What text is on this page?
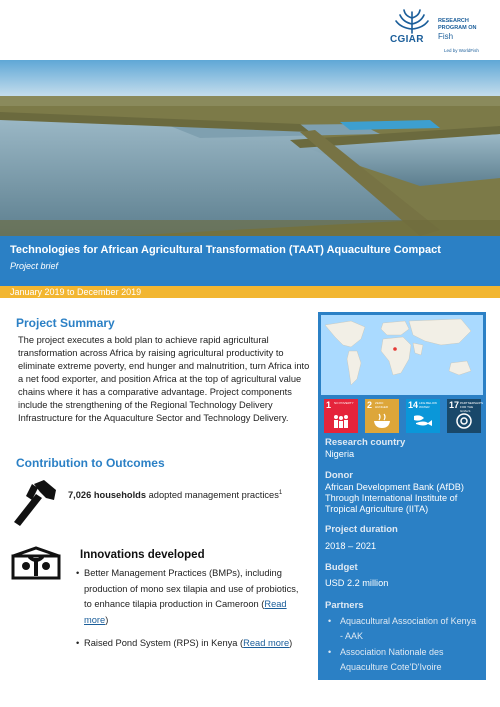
CGIAR
RESEARCH
PROGRAM ON
Fish
Led by WorldFish
Technologies for African Agricultural Transformation (TAAT) Aquaculture Compact
Project brief
January 2019 to December 2019
Project Summary
The project executes a bold plan to achieve rapid agricultural transformation across Africa by raising agricultural productivity to eliminate extreme poverty, end hunger and malnutrition, turn Africa into a net food exporter, and position Africa at the top of agricultural value chains where it has a comparative advantage. Project components include the strengthening of the Regional Technology Delivery Infrastructure for the Aquaculture Sector and Technology Delivery.
Contribution to Outcomes
7,026 households adopted management practices$^1$
Innovations developed
• Better Management Practices (BMPs), including production of mono sex tilapia and use of probiotics, to enhance tilapia production in Cameroon (Read more)
• Raised Pond System (RPS) in Kenya (Read more)
1 NO POVERTY 2 ZERO HUNGER	14 LIFE BELOW WATER	17 PARTNERSHIPS FOR THE GOALS
Research country
Nigeria
Donor
African Development Bank (AfDB) Through International Institute of Tropical Agriculture (IITA)
Project duration
2018 – 2021
Budget
USD 2.2 million
Partners
• Aquacultural Association of Kenya - AAK
• Association Nationale des Aquaculture Cote'D'Ivoire
